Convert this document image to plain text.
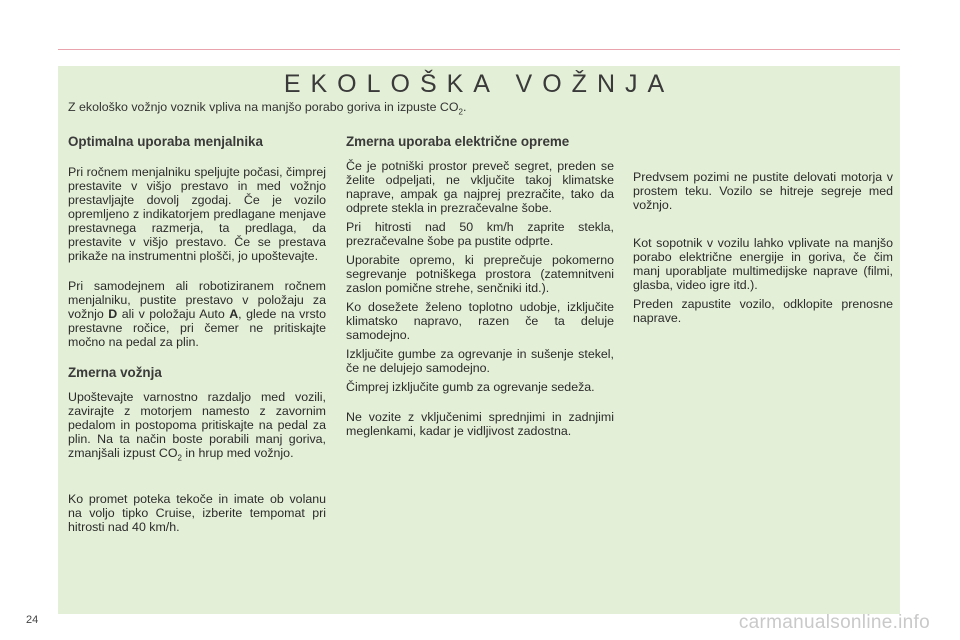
EKOLOŠKA VOŽNJA
Z ekološko vožnjo voznik vpliva na manjšo porabo goriva in izpuste $CO_2$.
Optimalna uporaba menjalnika

Pri ročnem menjalniku speljujte počasi, čimprej prestavite v višjo prestavo in med vožnjo prestavljajte dovolj zgodaj. Če je vozilo opremljeno z indikatorjem predlagane menjave prestavnega razmerja, ta predlaga, da prestavite v višjo prestavo. Če se prestava prikaže na instrumentni plošči, jo upoštevajte.

Pri samodejnem ali robotiziranem ročnem menjalniku, pustite prestavo v položaju za vožnjo D ali v položaju Auto A, glede na vrsto prestavne ročice, pri čemer ne pritiskajte močno na pedal za plin.

Zmerna vožnja

Upoštevajte varnostno razdaljo med vozili, zavirajte z motorjem namesto z zavornim pedalom in postopoma pritiskajte na pedal za plin. Na ta način boste porabili manj goriva, zmanjšali izpust $CO_2$ in hrup med vožnjo.

Ko promet poteka tekoče in imate ob volanu na voljo tipko Cruise, izberite tempomat pri hitrosti nad 40 km/h.

Zmerna uporaba električne opreme

Če je potniški prostor preveč segret, preden se želite odpeljati, ne vključite takoj klimatske naprave, ampak ga najprej prezračite, tako da odprete stekla in prezračevalne šobe.

Pri hitrosti nad 50 km/h zaprite stekla, prezračevalne šobe pa pustite odprte.

Uporabite opremo, ki preprečuje pokomerno segrevanje potniškega prostora (zatemnitveni zaslon pomične strehe, senčniki itd.).

Ko dosežete želeno toplotno udobje, izključite klimatsko napravo, razen če ta deluje samodejno.

Izključite gumbe za ogrevanje in sušenje stekel, če ne delujejo samodejno.

Čimprej izključite gumb za ogrevanje sedeža.

Ne vozite z vključenimi sprednjimi in zadnjimi meglenkami, kadar je vidljivost zadostna.

Predvsem pozimi ne pustite delovati motorja v prostem teku. Vozilo se hitreje segreje med vožnjo.

Kot sopotnik v vozilu lahko vplivate na manjšo porabo električne energije in goriva, če čim manj uporabljate multimedijske naprave (filmi, glasba, video igre itd.).

Preden zapustite vozilo, odklopite prenosne naprave.

24	carmanualsonline.info
